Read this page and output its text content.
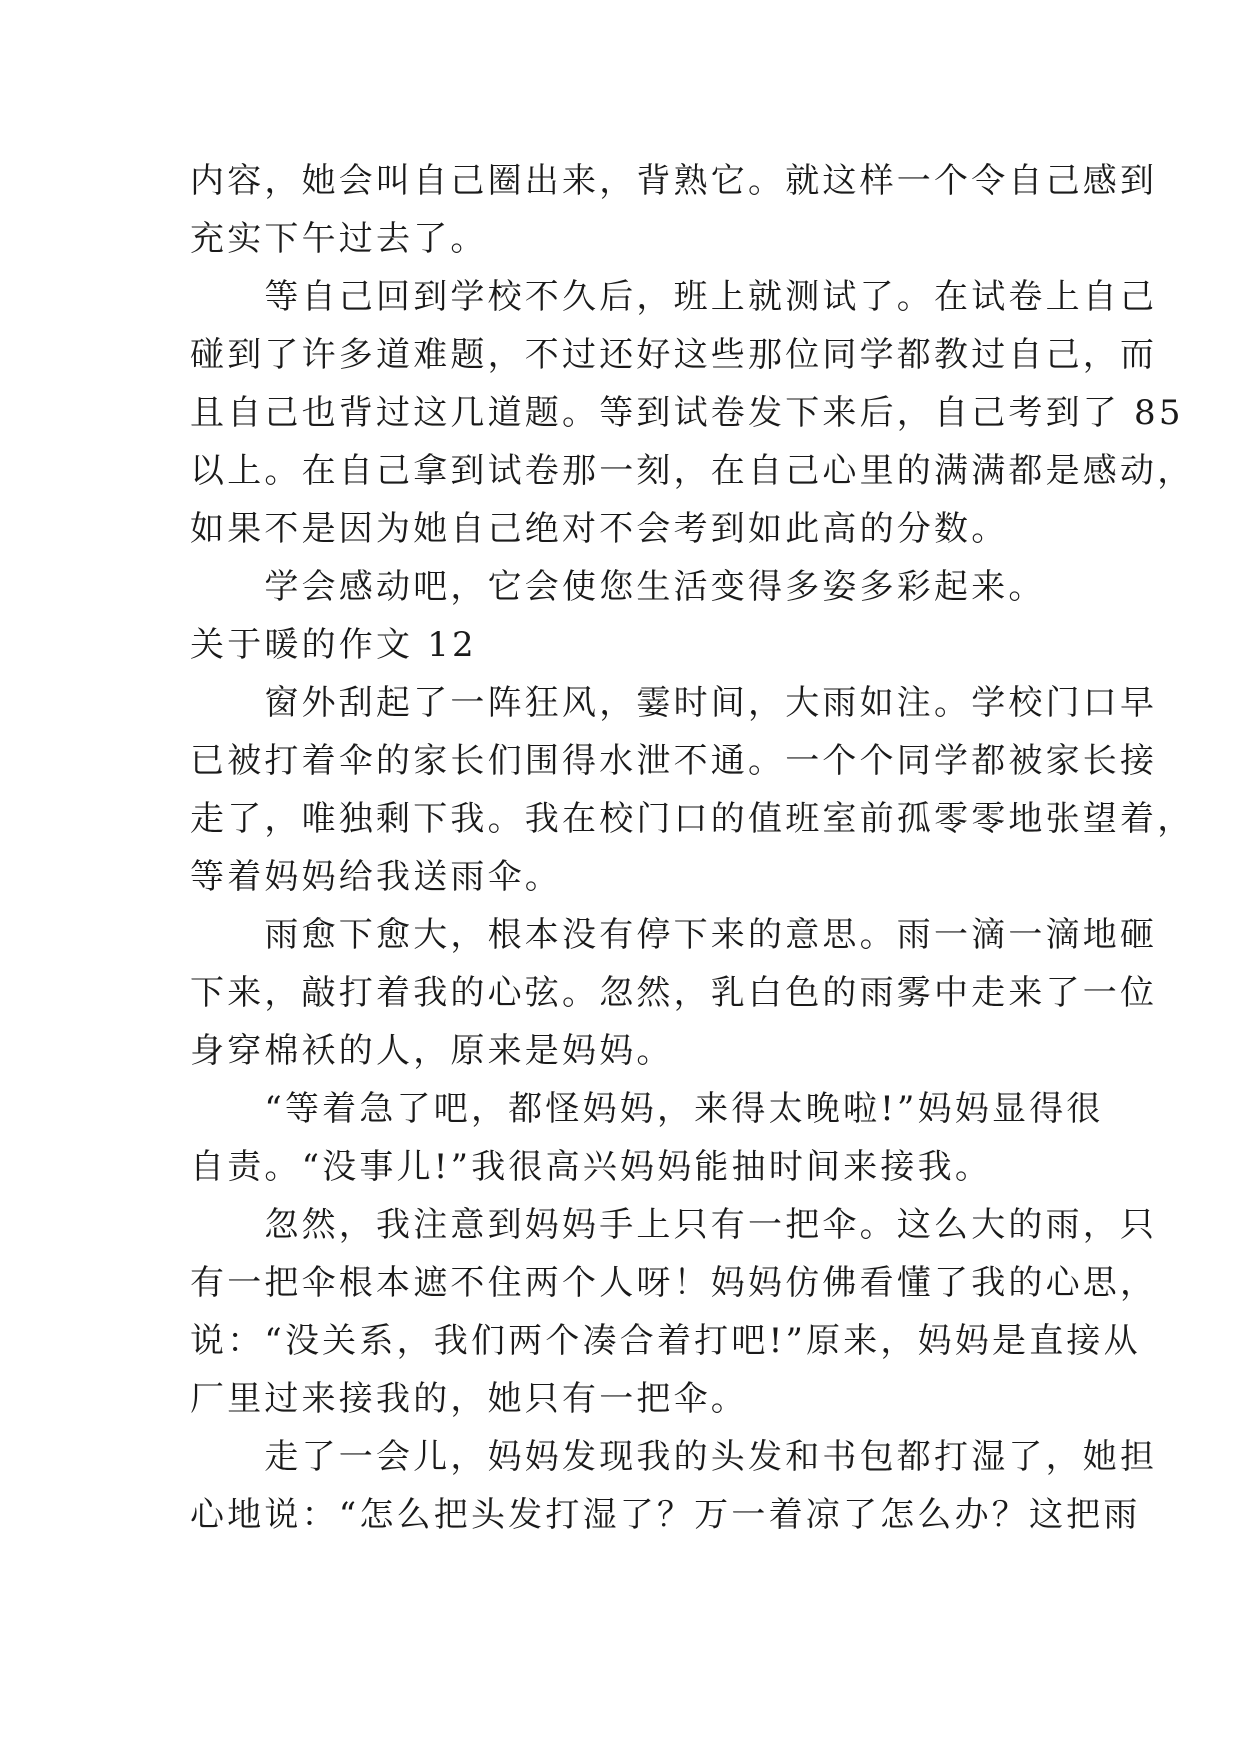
内容，她会叫自己圈出来，背熟它。就这样一个令自己感到
充实下午过去了。
　　等自己回到学校不久后，班上就测试了。在试卷上自己
碰到了许多道难题，不过还好这些那位同学都教过自己，而
且自己也背过这几道题。等到试卷发下来后，自己考到了 85
以上。在自己拿到试卷那一刻，在自己心里的满满都是感动，
如果不是因为她自己绝对不会考到如此高的分数。
　　学会感动吧，它会使您生活变得多姿多彩起来。
关于暖的作文 12
　　窗外刮起了一阵狂风，霎时间，大雨如注。学校门口早
已被打着伞的家长们围得水泄不通。一个个同学都被家长接
走了，唯独剩下我。我在校门口的值班室前孤零零地张望着，
等着妈妈给我送雨伞。
　　雨愈下愈大，根本没有停下来的意思。雨一滴一滴地砸
下来，敲打着我的心弦。忽然，乳白色的雨雾中走来了一位
身穿棉袄的人，原来是妈妈。
　　“等着急了吧，都怪妈妈，来得太晚啦!”妈妈显得很
自责。“没事儿!”我很高兴妈妈能抽时间来接我。
　　忽然，我注意到妈妈手上只有一把伞。这么大的雨，只
有一把伞根本遮不住两个人呀！妈妈仿佛看懂了我的心思，
说：“没关系，我们两个凑合着打吧!”原来，妈妈是直接从
厂里过来接我的，她只有一把伞。
　　走了一会儿，妈妈发现我的头发和书包都打湿了，她担
心地说：“怎么把头发打湿了？万一着凉了怎么办？这把雨
